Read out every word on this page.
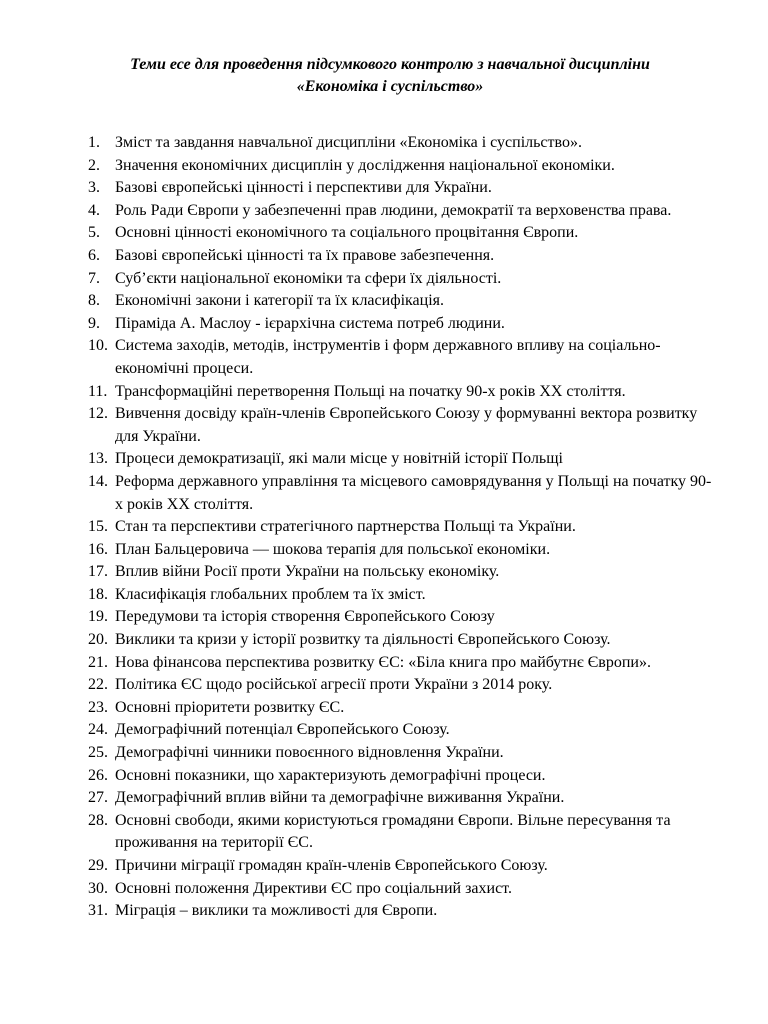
Теми есе для проведення підсумкового контролю з навчальної дисципліни
«Економіка і суспільство»
1. Зміст та завдання навчальної дисципліни «Економіка і суспільство».
2. Значення економічних дисциплін у дослідження національної економіки.
3. Базові європейські цінності і перспективи для України.
4. Роль Ради Європи у забезпеченні прав людини, демократії та верховенства права.
5. Основні цінності економічного та соціального процвітання Європи.
6. Базові європейські цінності та їх правове забезпечення.
7. Суб’єкти національної економіки та сфери їх діяльності.
8. Економічні закони і категорії та їх класифікація.
9. Піраміда А. Маслоу - ієрархічна система потреб людини.
10. Система заходів, методів, інструментів і форм державного впливу на соціально-економічні процеси.
11. Трансформаційні перетворення Польщі на початку 90-х років ХХ століття.
12. Вивчення досвіду країн-членів Європейського Союзу у формуванні вектора розвитку для України.
13. Процеси демократизації, які мали місце у новітній історії Польщі
14. Реформа державного управління та місцевого самоврядування у Польщі на початку 90-х років ХХ століття.
15. Стан та перспективи стратегічного партнерства Польщі та України.
16. План Бальцеровича — шокова терапія для польської економіки.
17. Вплив війни Росії проти України на польську економіку.
18. Класифікація глобальних проблем та їх зміст.
19. Передумови та історія створення Європейського Союзу
20. Виклики та кризи у історії розвитку та діяльності Європейського Союзу.
21. Нова фінансова перспектива розвитку ЄС: «Біла книга про майбутнє Європи».
22. Політика ЄС щодо російської агресії проти України з 2014 року.
23. Основні пріоритети розвитку ЄС.
24. Демографічний потенціал Європейського Союзу.
25. Демографічні чинники повоєнного відновлення України.
26. Основні показники, що характеризують демографічні процеси.
27. Демографічний вплив війни та демографічне виживання України.
28. Основні свободи, якими користуються громадяни Європи. Вільне пересування та проживання на території ЄС.
29. Причини міграції громадян країн-членів Європейського Союзу.
30. Основні положення Директиви ЄС про соціальний захист.
31. Міграція – виклики та можливості для Європи.
